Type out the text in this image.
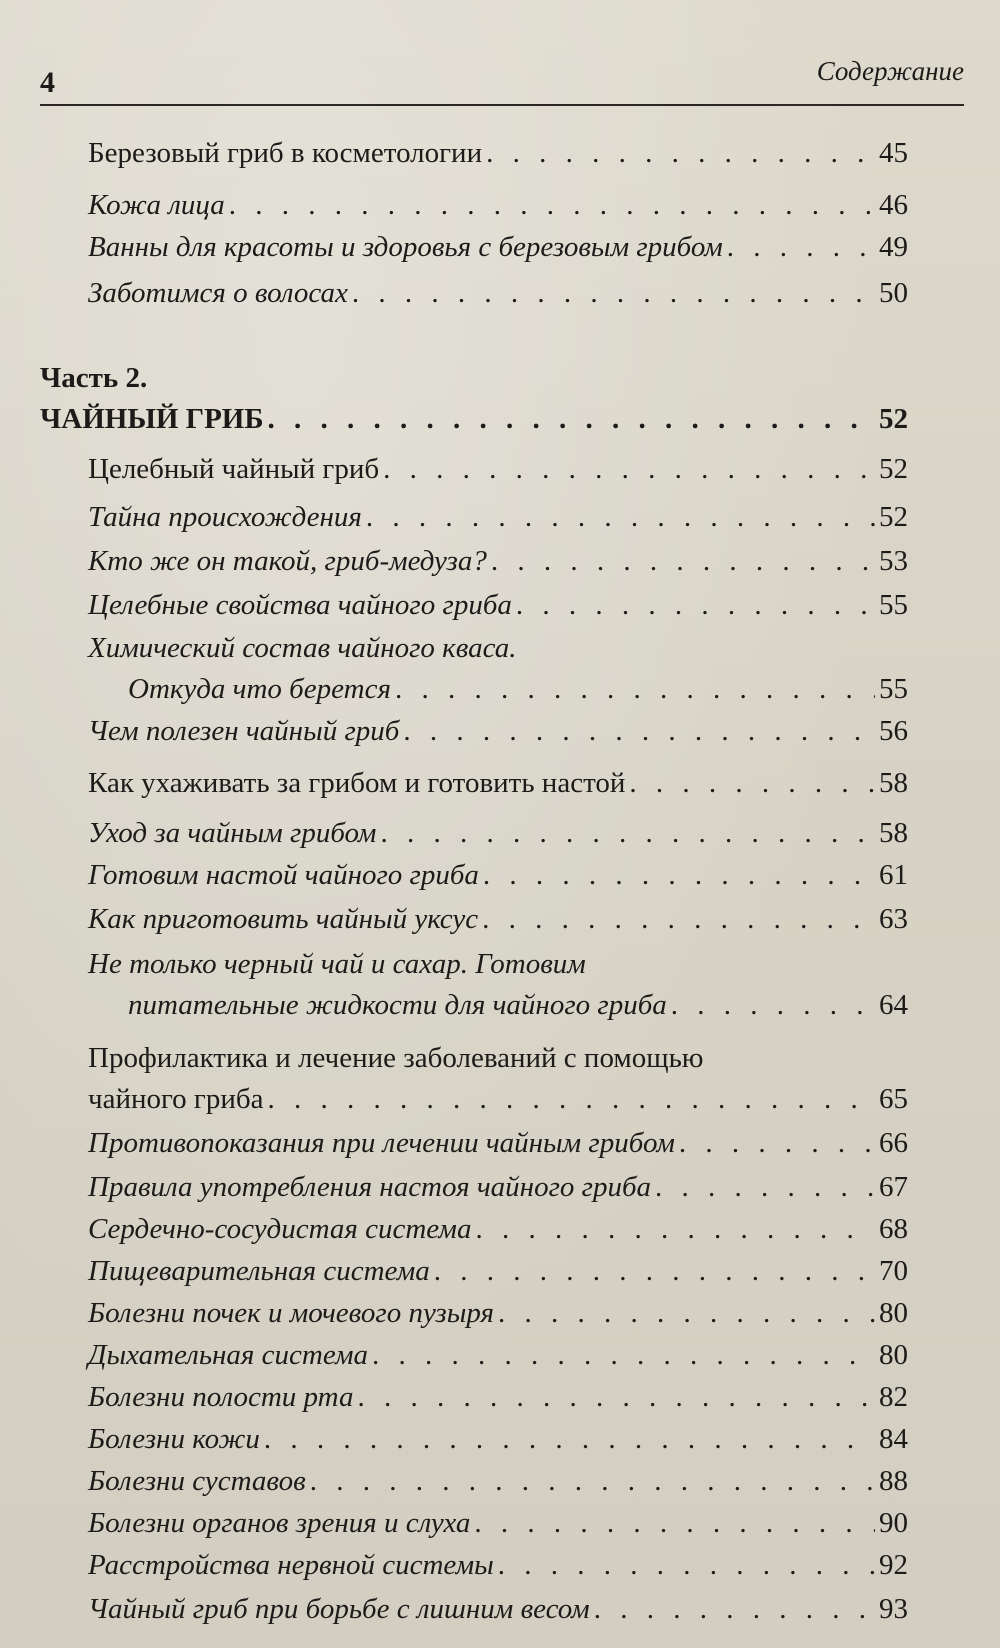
4	Содержание
Березовый гриб в косметологии . . .	45
Кожа лица . . .	46
Ванны для красоты и здоровья с березовым грибом . . .	49
Заботимся о волосах . . .	50
Часть 2.
ЧАЙНЫЙ ГРИБ . . .	52
Целебный чайный гриб . . .	52
Тайна происхождения . . .	52
Кто же он такой, гриб-медуза? . . .	53
Целебные свойства чайного гриба . . .	55
Химический состав чайного кваса.
Откуда что берется . . .	55
Чем полезен чайный гриб . . .	56
Как ухаживать за грибом и готовить настой . . .	58
Уход за чайным грибом . . .	58
Готовим настой чайного гриба . . .	61
Как приготовить чайный уксус . . .	63
Не только черный чай и сахар. Готовим
питательные жидкости для чайного гриба . . .	64
Профилактика и лечение заболеваний с помощью
чайного гриба . . .	65
Противопоказания при лечении чайным грибом . . .	66
Правила употребления настоя чайного гриба . . .	67
Сердечно-сосудистая система . . .	68
Пищеварительная система . . .	70
Болезни почек и мочевого пузыря . . .	80
Дыхательная система . . .	80
Болезни полости рта . . .	82
Болезни кожи . . .	84
Болезни суставов . . .	88
Болезни органов зрения и слуха . . .	90
Расстройства нервной системы . . .	92
Чайный гриб при борьбе с лишним весом . . .	93
